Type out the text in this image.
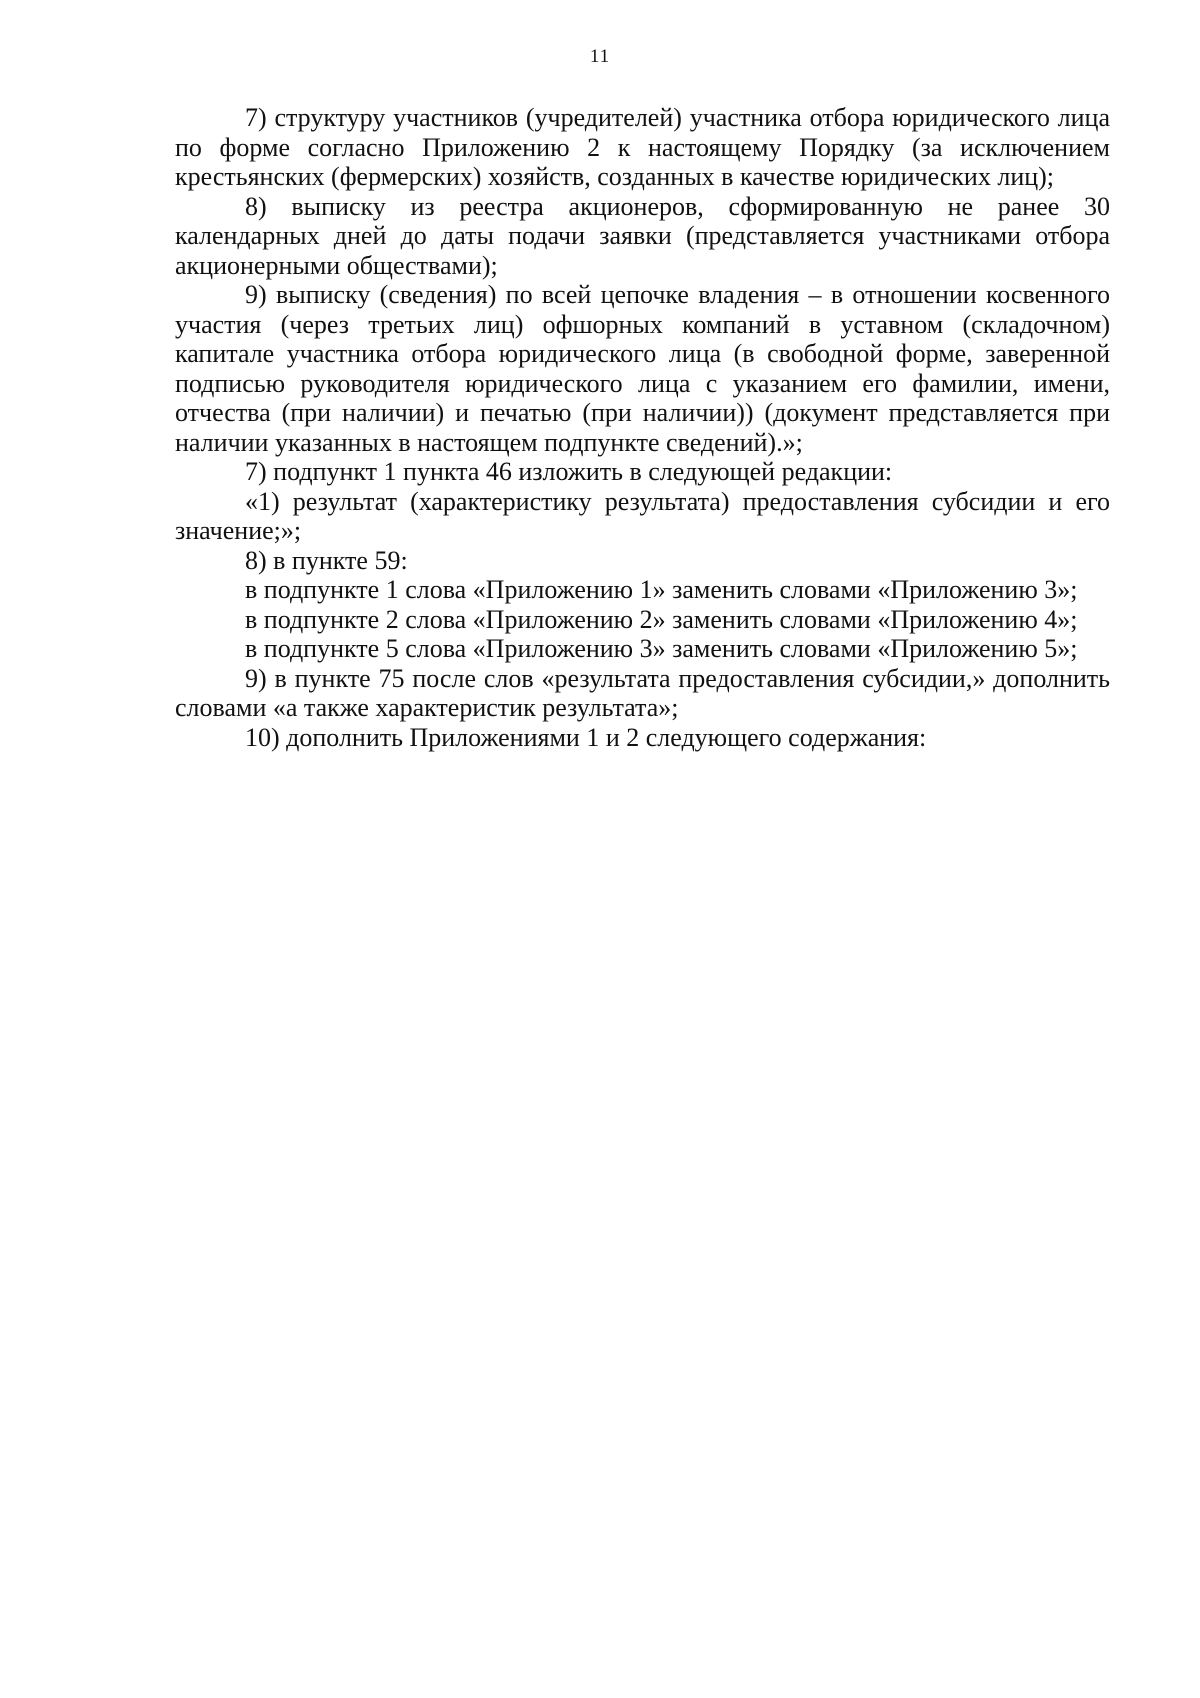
11

7) структуру участников (учредителей) участника отбора юридического лица по форме согласно Приложению 2 к настоящему Порядку (за исключением крестьянских (фермерских) хозяйств, созданных в качестве юридических лиц);

8) выписку из реестра акционеров, сформированную не ранее 30 календарных дней до даты подачи заявки (представляется участниками отбора акционерными обществами);

9) выписку (сведения) по всей цепочке владения – в отношении косвенного участия (через третьих лиц) офшорных компаний в уставном (складочном) капитале участника отбора юридического лица (в свободной форме, заверенной подписью руководителя юридического лица с указанием его фамилии, имени, отчества (при наличии) и печатью (при наличии)) (документ представляется при наличии указанных в настоящем подпункте сведений).»;

7) подпункт 1 пункта 46 изложить в следующей редакции:

«1) результат (характеристику результата) предоставления субсидии и его значение;»;

8) в пункте 59:

в подпункте 1 слова «Приложению 1» заменить словами «Приложению 3»;

в подпункте 2 слова «Приложению 2» заменить словами «Приложению 4»;

в подпункте 5 слова «Приложению 3» заменить словами «Приложению 5»;

9) в пункте 75 после слов «результата предоставления субсидии,» дополнить словами «а также характеристик результата»;

10) дополнить Приложениями 1 и 2 следующего содержания:
